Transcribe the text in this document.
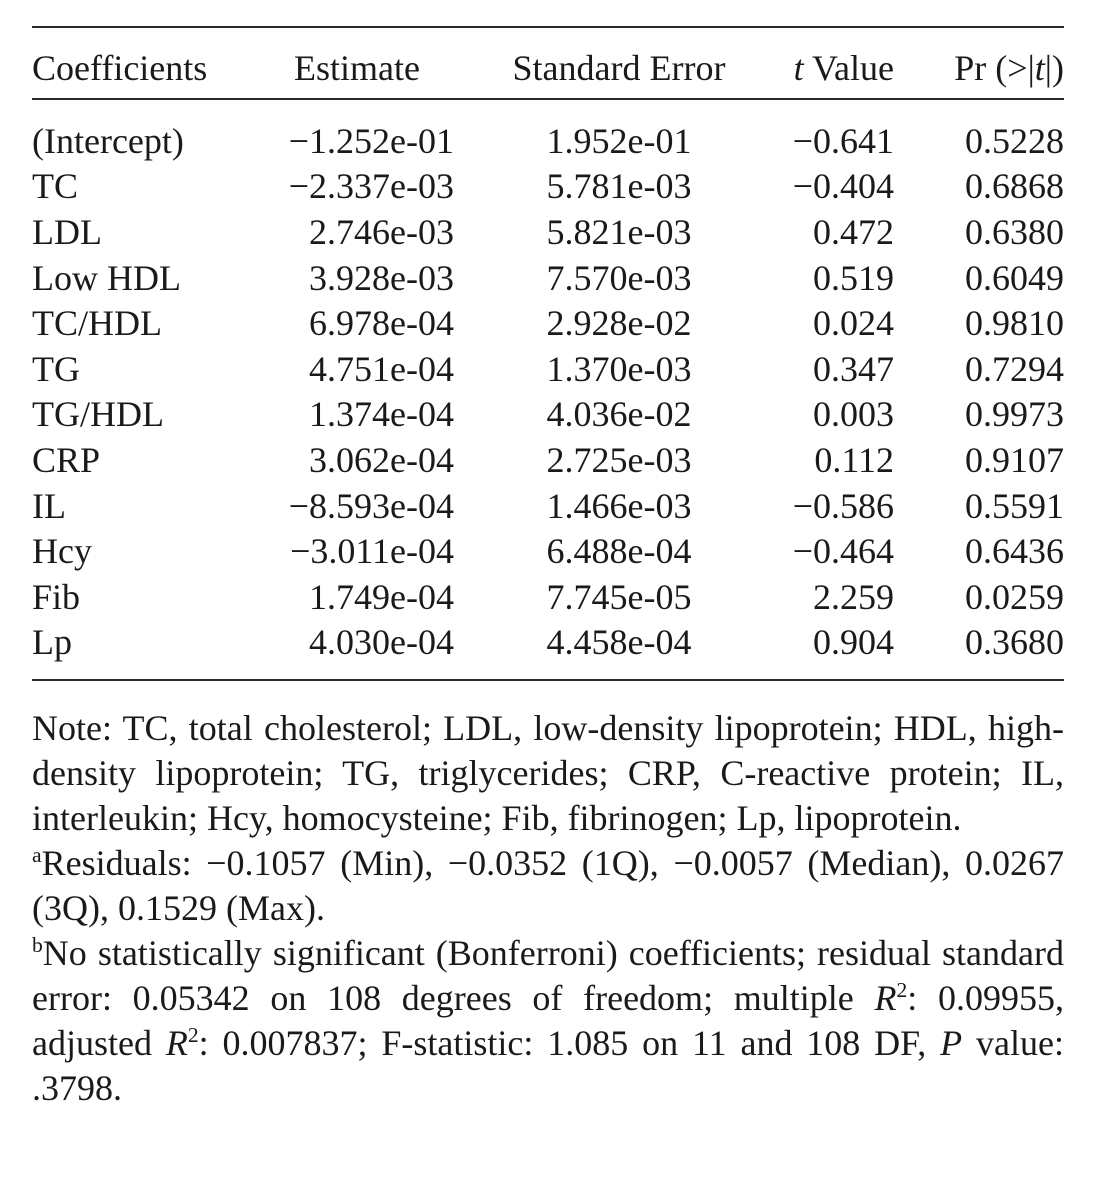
Coefficients	Estimate	Standard Error	t Value	Pr (>|t|)
(Intercept)	−1.252e-01	1.952e-01	−0.641	0.5228
TC	−2.337e-03	5.781e-03	−0.404	0.6868
LDL	2.746e-03	5.821e-03	0.472	0.6380
Low HDL	3.928e-03	7.570e-03	0.519	0.6049
TC/HDL	6.978e-04	2.928e-02	0.024	0.9810
TG	4.751e-04	1.370e-03	0.347	0.7294
TG/HDL	1.374e-04	4.036e-02	0.003	0.9973
CRP	3.062e-04	2.725e-03	0.112	0.9107
IL	−8.593e-04	1.466e-03	−0.586	0.5591
Hcy	−3.011e-04	6.488e-04	−0.464	0.6436
Fib	1.749e-04	7.745e-05	2.259	0.0259
Lp	4.030e-04	4.458e-04	0.904	0.3680

Note: TC, total cholesterol; LDL, low-density lipoprotein; HDL, high-density lipoprotein; TG, triglycerides; CRP, C-reactive protein; IL, interleukin; Hcy, homocysteine; Fib, fibrinogen; Lp, lipoprotein.

$^a$Residuals: −0.1057 (Min), −0.0352 (1Q), −0.0057 (Median), 0.0267 (3Q), 0.1529 (Max).

$^b$No statistically significant (Bonferroni) coefficients; residual standard error: 0.05342 on 108 degrees of freedom; multiple $R^2$: 0.09955, adjusted $R^2$: 0.007837; F-statistic: 1.085 on 11 and 108 DF, P value: .3798.
